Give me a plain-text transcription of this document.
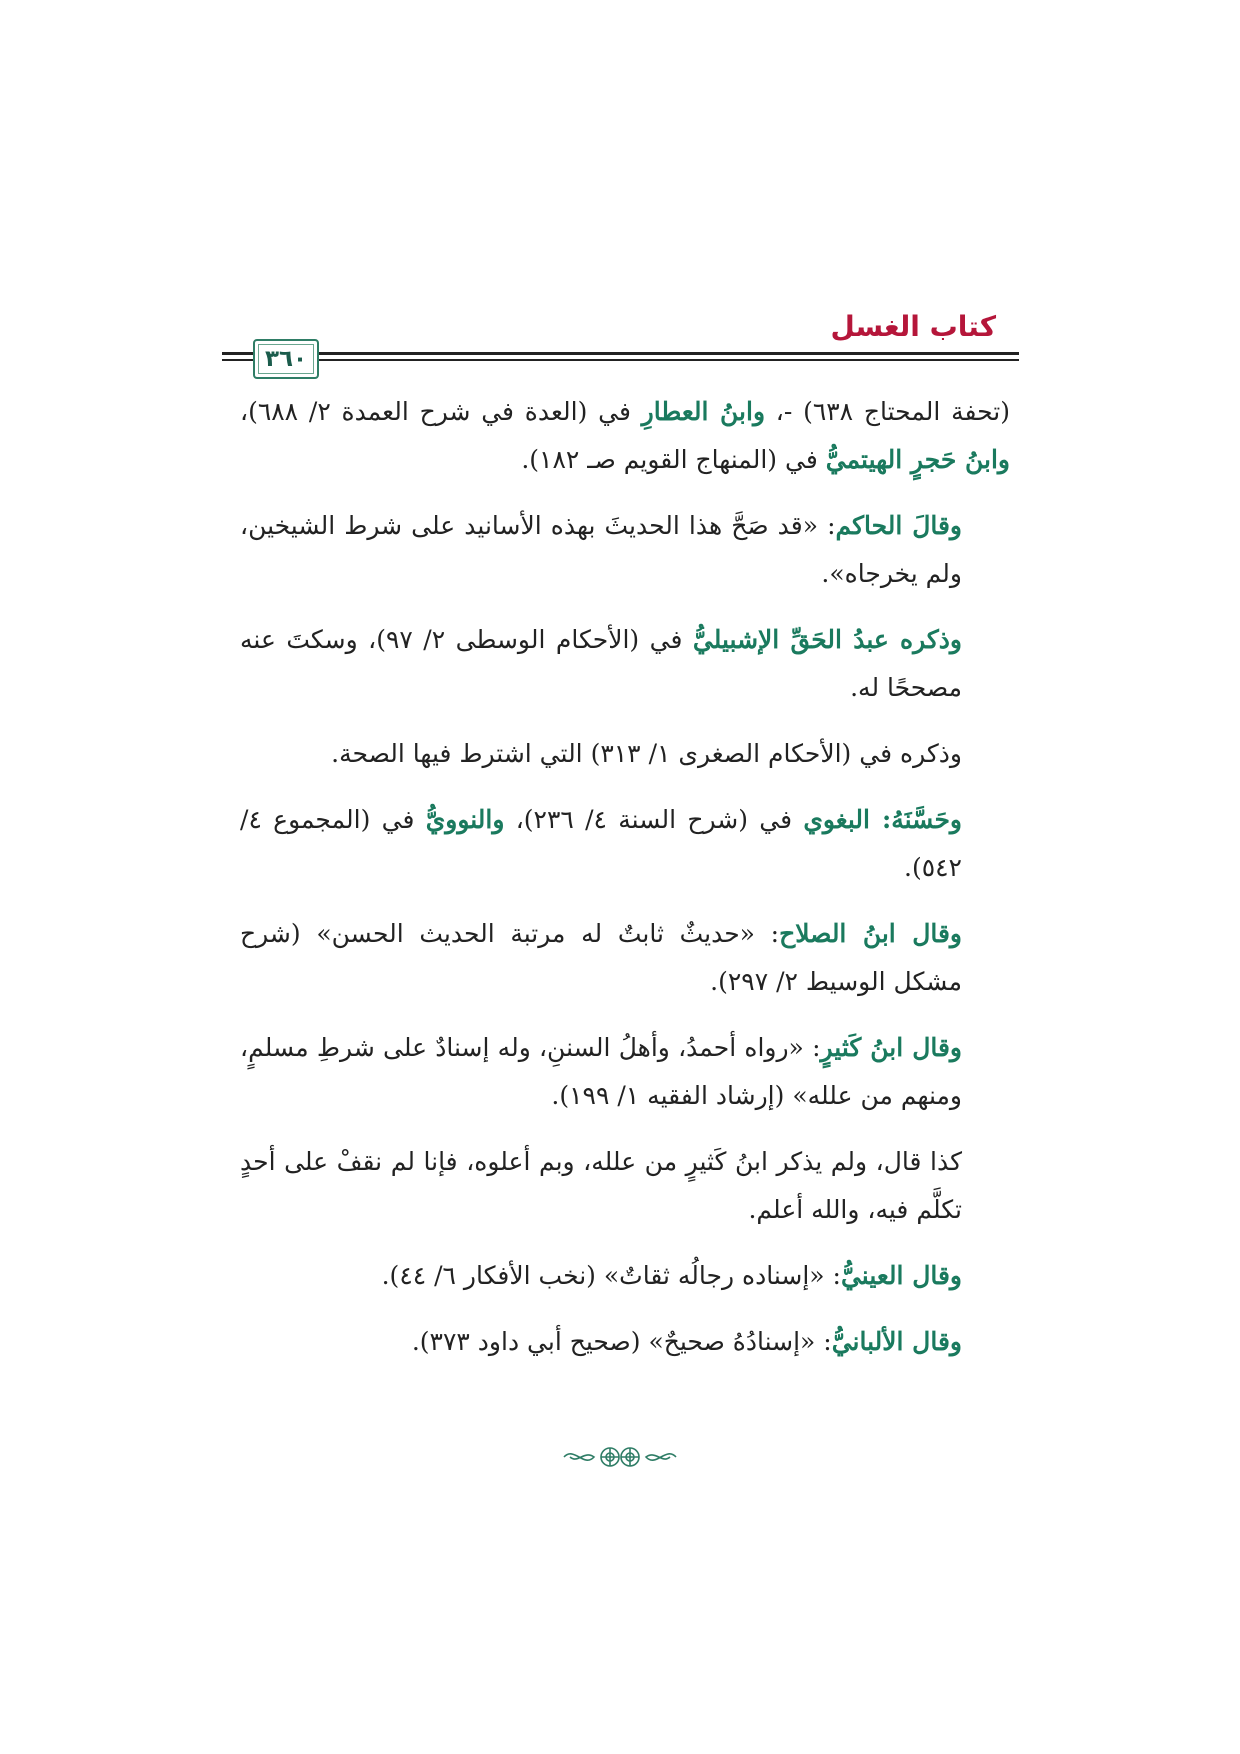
كتاب الغسل
٣٦٠

(تحفة المحتاج ٦٣٨) -، وابنُ العطارِ في (العدة في شرح العمدة ٢/ ٦٨٨)، وابنُ حَجرٍ الهيتميُّ في (المنهاج القويم صـ ١٨٢).

وقالَ الحاكم: «قد صَحَّ هذا الحديثَ بهذه الأسانيد على شرط الشيخين، ولم يخرجاه».

وذكره عبدُ الحَقِّ الإشبيليُّ في (الأحكام الوسطى ٢/ ٩٧)، وسكتَ عنه مصححًا له.

وذكره في (الأحكام الصغرى ١/ ٣١٣) التي اشترط فيها الصحة.

وحَسَّنَهُ: البغوي في (شرح السنة ٤/ ٢٣٦)، والنوويُّ في (المجموع ٤/ ٥٤٢).

وقال ابنُ الصلاح: «حديثٌ ثابتٌ له مرتبة الحديث الحسن» (شرح مشكل الوسيط ٢/ ٢٩٧).

وقال ابنُ كَثيرٍ: «رواه أحمدُ، وأهلُ السننِ، وله إسنادٌ على شرطِ مسلمٍ، ومنهم من علله» (إرشاد الفقيه ١/ ١٩٩).

كذا قال، ولم يذكر ابنُ كَثيرٍ من علله، وبم أعلوه، فإنا لم نقفْ على أحدٍ تكلَّم فيه، والله أعلم.

وقال العينيُّ: «إسناده رجالُه ثقاتٌ» (نخب الأفكار ٦/ ٤٤).

وقال الألبانيُّ: «إسنادُهُ صحيحٌ» (صحيح أبي داود ٣٧٣).
